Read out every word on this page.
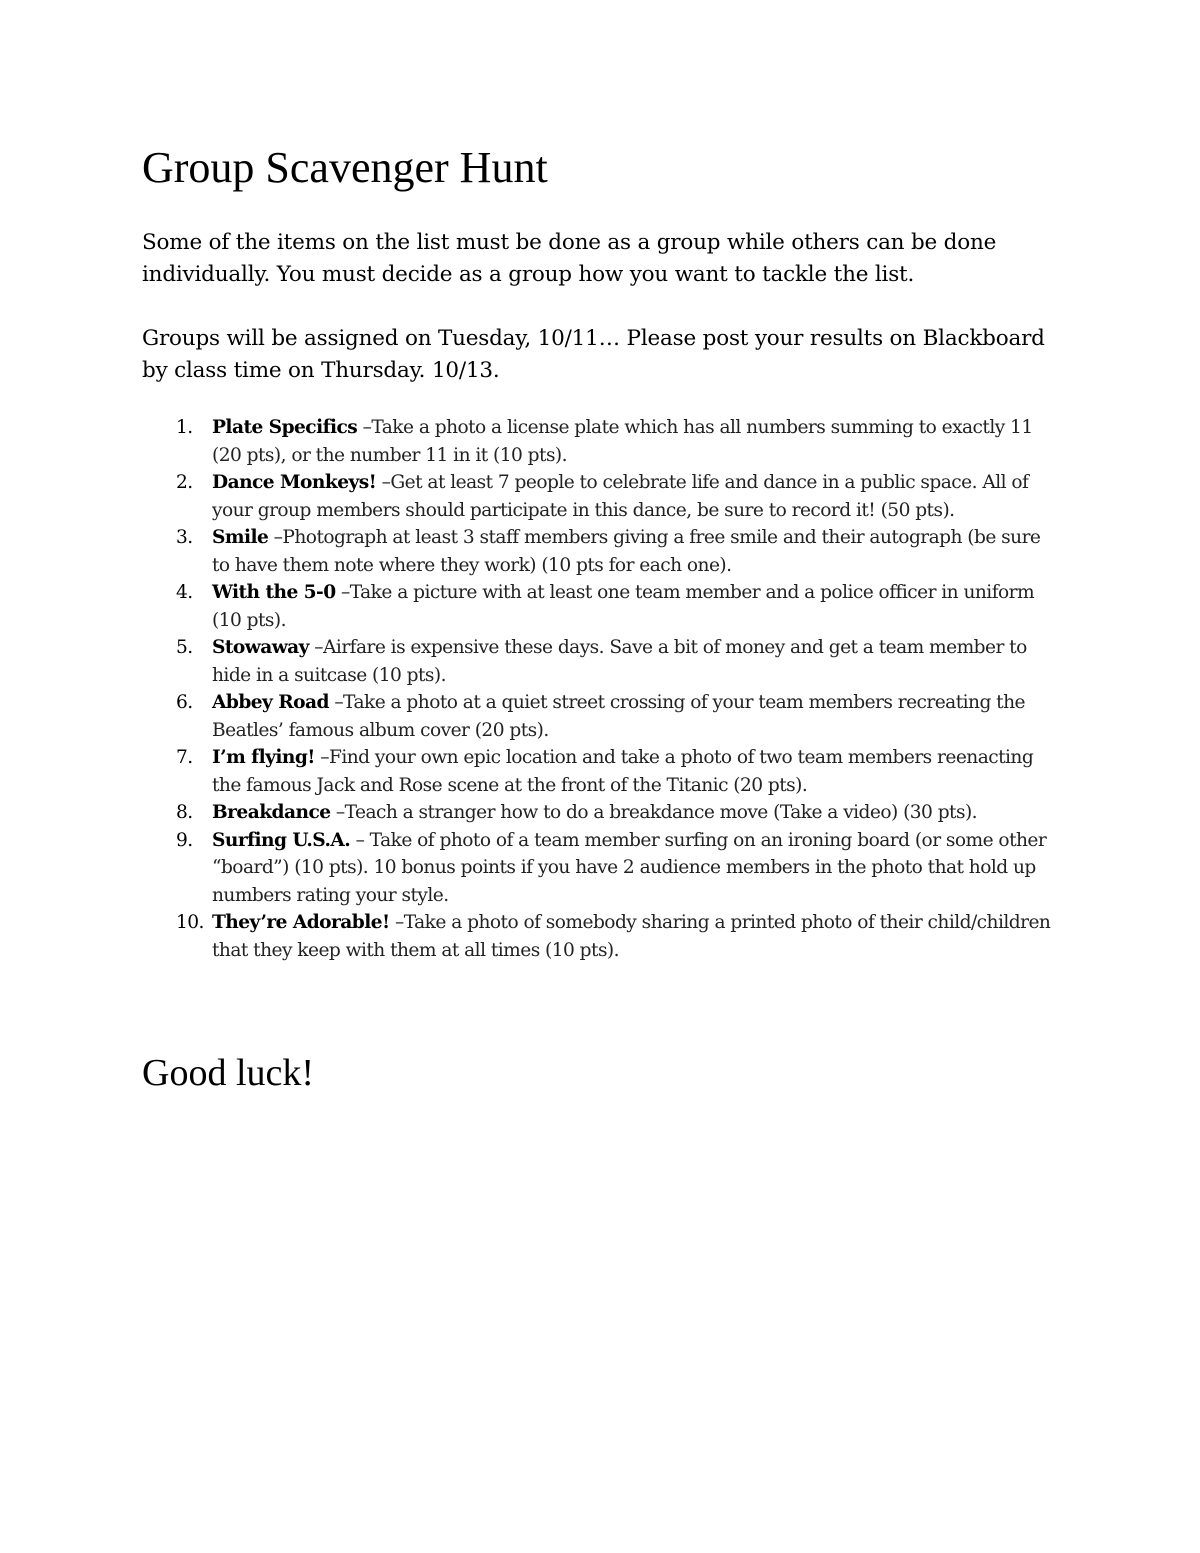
Group Scavenger Hunt

Some of the items on the list must be done as a group while others can be done individually. You must decide as a group how you want to tackle the list.

Groups will be assigned on Tuesday, 10/11… Please post your results on Blackboard by class time on Thursday. 10/13.

1. Plate Specifics –Take a photo a license plate which has all numbers summing to exactly 11 (20 pts), or the number 11 in it (10 pts).
2. Dance Monkeys! –Get at least 7 people to celebrate life and dance in a public space. All of your group members should participate in this dance, be sure to record it! (50 pts).
3. Smile –Photograph at least 3 staff members giving a free smile and their autograph (be sure to have them note where they work) (10 pts for each one).
4. With the 5-0 –Take a picture with at least one team member and a police officer in uniform (10 pts).
5. Stowaway –Airfare is expensive these days. Save a bit of money and get a team member to hide in a suitcase (10 pts).
6. Abbey Road –Take a photo at a quiet street crossing of your team members recreating the Beatles’ famous album cover (20 pts).
7. I’m flying! –Find your own epic location and take a photo of two team members reenacting the famous Jack and Rose scene at the front of the Titanic (20 pts).
8. Breakdance –Teach a stranger how to do a breakdance move (Take a video) (30 pts).
9. Surfing U.S.A. – Take of photo of a team member surfing on an ironing board (or some other “board”) (10 pts). 10 bonus points if you have 2 audience members in the photo that hold up numbers rating your style.
10. They’re Adorable! –Take a photo of somebody sharing a printed photo of their child/children that they keep with them at all times (10 pts).
Good luck!
